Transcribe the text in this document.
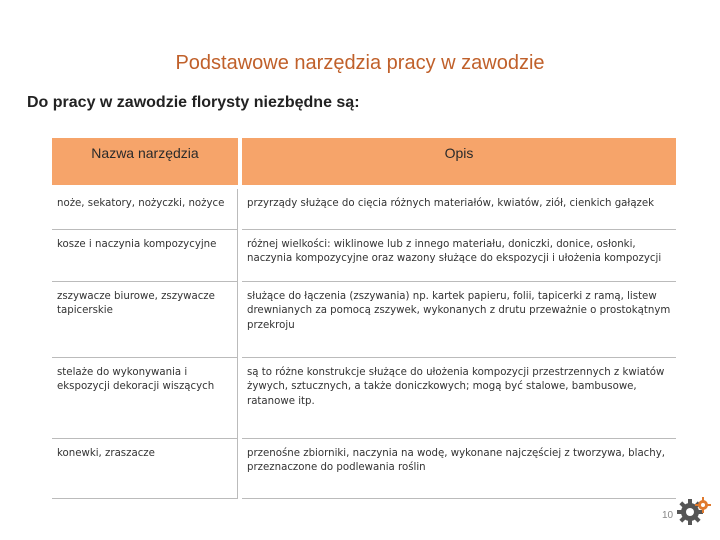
Podstawowe narzędzia pracy w zawodzie
Do pracy w zawodzie florysty niezbędne są:
Nazwa narzędzia	Opis
noże, sekatory, nożyczki, nożyce	przyrządy służące do cięcia różnych materiałów, kwiatów, ziół, cienkich gałązek
kosze i naczynia kompozycyjne	różnej wielkości: wiklinowe lub z innego materiału, doniczki, donice, osłonki, naczynia kompozycyjne oraz wazony służące do ekspozycji i ułożenia kompozycji
zszywacze biurowe, zszywacze tapicerskie	służące do łączenia (zszywania) np. kartek papieru, folii, tapicerki z ramą, listew drewnianych za pomocą zszywek, wykonanych z drutu przeważnie o prostokątnym przekroju
stelaże do wykonywania i ekspozycji dekoracji wiszących	są to różne konstrukcje służące do ułożenia kompozycji przestrzennych z kwiatów żywych, sztucznych, a także doniczkowych; mogą być stalowe, bambusowe, ratanowe itp.
konewki, zraszacze	przenośne zbiorniki, naczynia na wodę, wykonane najczęściej z tworzywa, blachy, przeznaczone do podlewania roślin
10
